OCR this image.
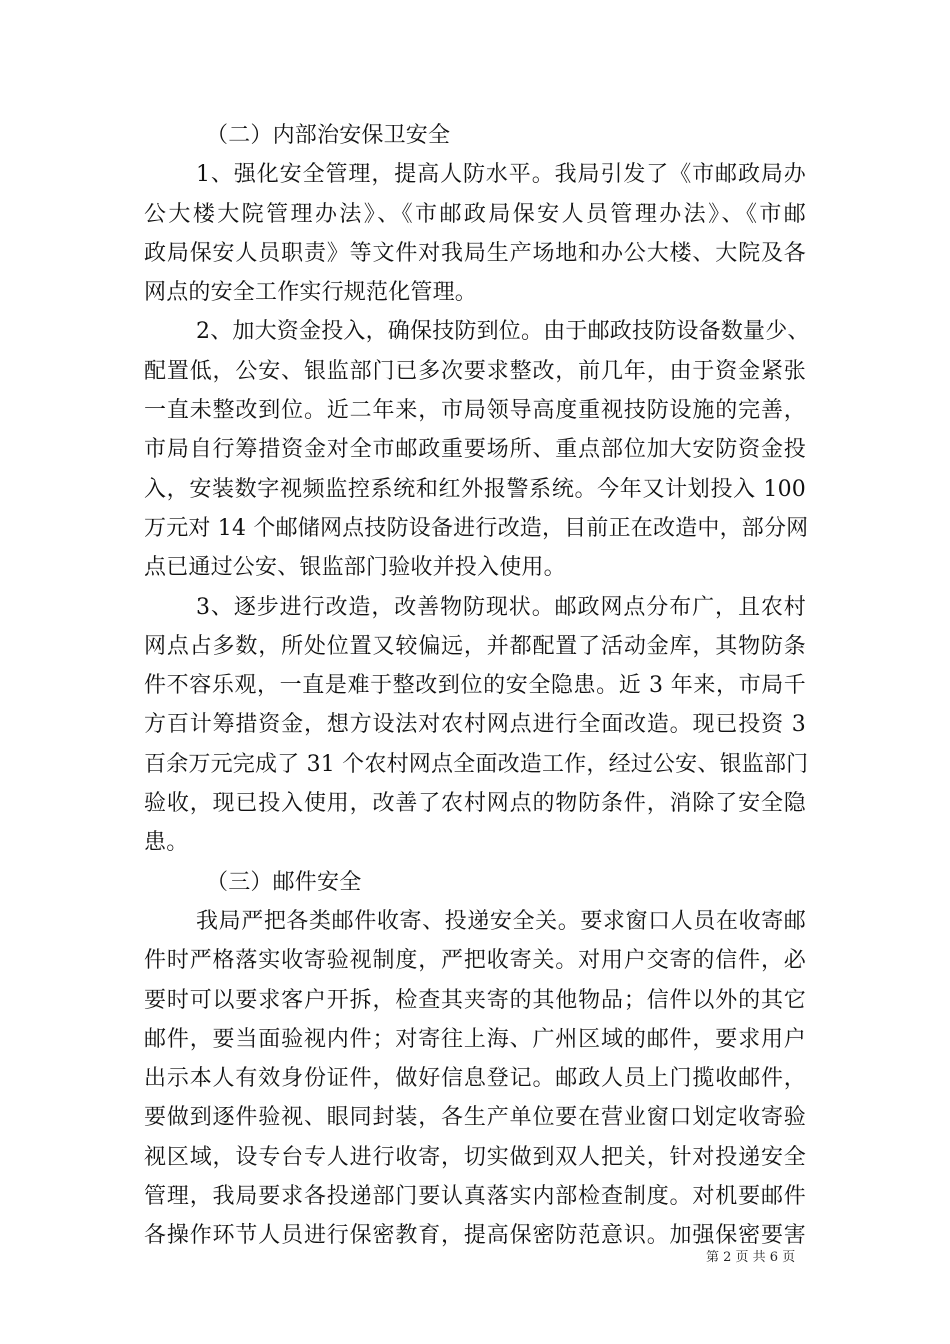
（二）内部治安保卫安全
1、强化安全管理，提高人防水平。我局引发了《市邮政局办
公大楼大院管理办法》、《市邮政局保安人员管理办法》、《市邮
政局保安人员职责》等文件对我局生产场地和办公大楼、大院及各
网点的安全工作实行规范化管理。
2、加大资金投入，确保技防到位。由于邮政技防设备数量少、
配置低，公安、银监部门已多次要求整改，前几年，由于资金紧张
一直未整改到位。近二年来，市局领导高度重视技防设施的完善，
市局自行筹措资金对全市邮政重要场所、重点部位加大安防资金投
入，安装数字视频监控系统和红外报警系统。今年又计划投入 100
万元对 14 个邮储网点技防设备进行改造，目前正在改造中，部分网
点已通过公安、银监部门验收并投入使用。
3、逐步进行改造，改善物防现状。邮政网点分布广，且农村
网点占多数，所处位置又较偏远，并都配置了活动金库，其物防条
件不容乐观，一直是难于整改到位的安全隐患。近 3 年来，市局千
方百计筹措资金，想方设法对农村网点进行全面改造。现已投资 3
百余万元完成了 31 个农村网点全面改造工作，经过公安、银监部门
验收，现已投入使用，改善了农村网点的物防条件，消除了安全隐
患。
（三）邮件安全
我局严把各类邮件收寄、投递安全关。要求窗口人员在收寄邮
件时严格落实收寄验视制度，严把收寄关。对用户交寄的信件，必
要时可以要求客户开拆，检查其夹寄的其他物品；信件以外的其它
邮件，要当面验视内件；对寄往上海、广州区域的邮件，要求用户
出示本人有效身份证件，做好信息登记。邮政人员上门揽收邮件，
要做到逐件验视、眼同封装，各生产单位要在营业窗口划定收寄验
视区域，设专台专人进行收寄，切实做到双人把关，针对投递安全
管理，我局要求各投递部门要认真落实内部检查制度。对机要邮件
各操作环节人员进行保密教育，提高保密防范意识。加强保密要害
第 2 页 共 6 页
